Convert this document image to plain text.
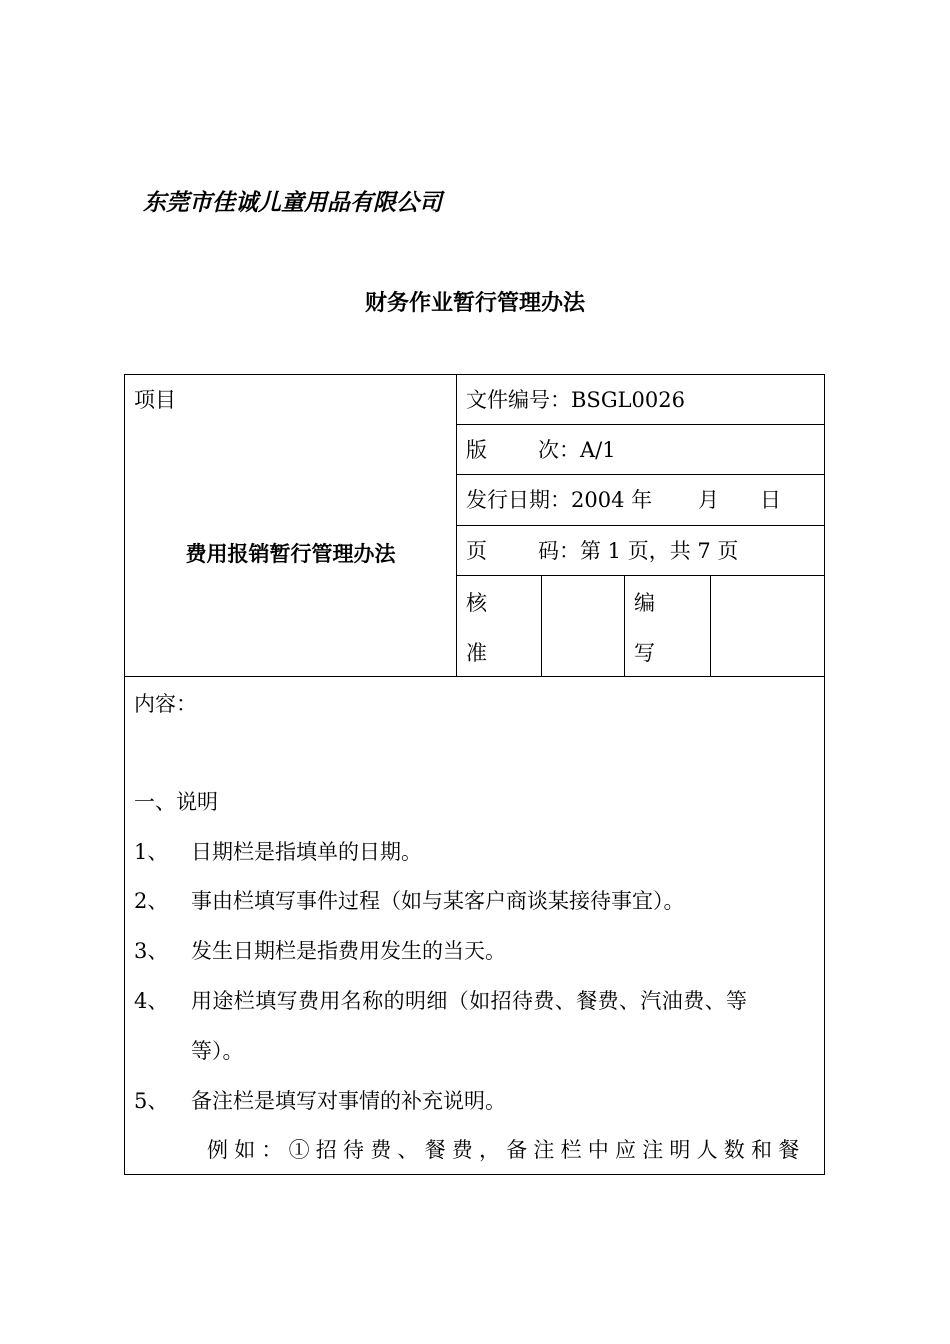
东莞市佳诚儿童用品有限公司
财务作业暂行管理办法
项目
费用报销暂行管理办法
文件编号：BSGL0026
版 次：A/1
发行日期：2004 年 月 日
页 码：第 1 页，共 7 页
核
准
编
写
内容：
一、说明
1、 日期栏是指填单的日期。
2、 事由栏填写事件过程（如与某客户商谈某接待事宜）。
3、 发生日期栏是指费用发生的当天。
4、 用途栏填写费用名称的明细（如招待费、餐费、汽油费、等
等）。
5、 备注栏是填写对事情的补充说明。
例如：①招待费、餐费，备注栏中应注明人数和餐
